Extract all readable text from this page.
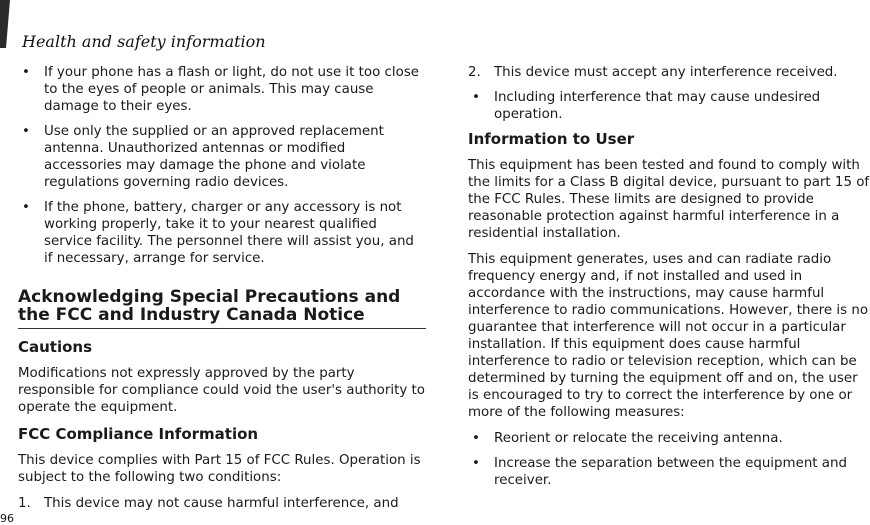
Health and safety information
• If your phone has a flash or light, do not use it too close to the eyes of people or animals. This may cause damage to their eyes.
• Use only the supplied or an approved replacement antenna. Unauthorized antennas or modified accessories may damage the phone and violate regulations governing radio devices.
• If the phone, battery, charger or any accessory is not working properly, take it to your nearest qualified service facility. The personnel there will assist you, and if necessary, arrange for service.
Acknowledging Special Precautions and the FCC and Industry Canada Notice
Cautions

Modifications not expressly approved by the party responsible for compliance could void the user's authority to operate the equipment.

FCC Compliance Information

This device complies with Part 15 of FCC Rules. Operation is subject to the following two conditions:

1. This device may not cause harmful interference, and
2. This device must accept any interference received.
• Including interference that may cause undesired operation.
Information to User

This equipment has been tested and found to comply with the limits for a Class B digital device, pursuant to part 15 of the FCC Rules. These limits are designed to provide reasonable protection against harmful interference in a residential installation.

This equipment generates, uses and can radiate radio frequency energy and, if not installed and used in accordance with the instructions, may cause harmful interference to radio communications. However, there is no guarantee that interference will not occur in a particular installation. If this equipment does cause harmful interference to radio or television reception, which can be determined by turning the equipment off and on, the user is encouraged to try to correct the interference by one or more of the following measures:

• Reorient or relocate the receiving antenna.
• Increase the separation between the equipment and receiver.
96
